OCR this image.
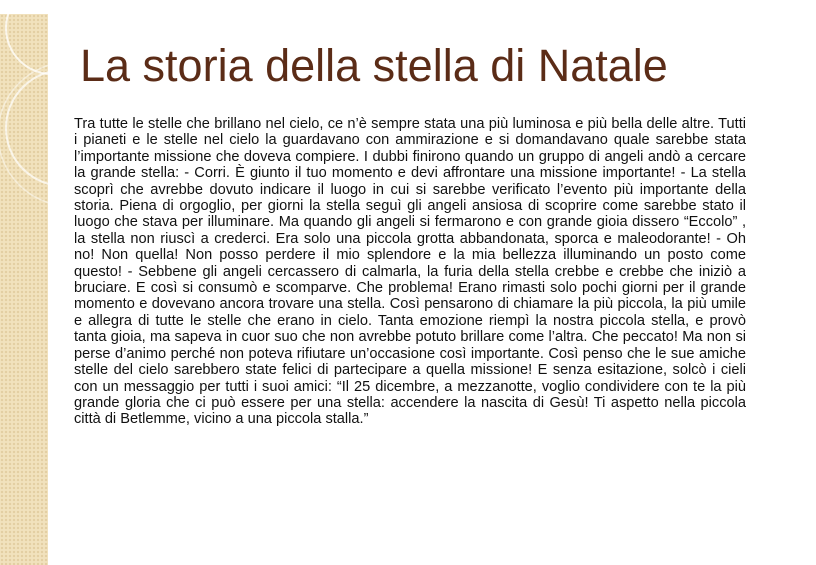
La storia della stella di Natale

Tra tutte le stelle che brillano nel cielo, ce n’è sempre stata una più luminosa e più bella delle altre. Tutti i pianeti e le stelle nel cielo la guardavano con ammirazione e si domandavano quale sarebbe stata l’importante missione che doveva compiere. I dubbi finirono quando un gruppo di angeli andò a cercare la grande stella: - Corri. È giunto il tuo momento e devi affrontare una missione importante! - La stella scoprì che avrebbe dovuto indicare il luogo in cui si sarebbe verificato l’evento più importante della storia. Piena di orgoglio, per giorni la stella seguì gli angeli ansiosa di scoprire come sarebbe stato il luogo che stava per illuminare. Ma quando gli angeli si fermarono e con grande gioia dissero “Eccolo” , la stella non riuscì a crederci. Era solo una piccola grotta abbandonata, sporca e maleodorante! - Oh no! Non quella! Non posso perdere il mio splendore e la mia bellezza illuminando un posto come questo! - Sebbene gli angeli cercassero di calmarla, la furia della stella crebbe e crebbe che iniziò a bruciare. E così si consumò e scomparve. Che problema! Erano rimasti solo pochi giorni per il grande momento e dovevano ancora trovare una stella. Così pensarono di chiamare la più piccola, la più umile e allegra di tutte le stelle che erano in cielo. Tanta emozione riempì la nostra piccola stella, e provò tanta gioia, ma sapeva in cuor suo che non avrebbe potuto brillare come l’altra. Che peccato! Ma non si perse d’animo perché non poteva rifiutare un’occasione così importante. Così penso che le sue amiche stelle del cielo sarebbero state felici di partecipare a quella missione! E senza esitazione, solcò i cieli con un messaggio per tutti i suoi amici: “Il 25 dicembre, a mezzanotte, voglio condividere con te la più grande gloria che ci può essere per una stella: accendere la nascita di Gesù! Ti aspetto nella piccola città di Betlemme, vicino a una piccola stalla.”
